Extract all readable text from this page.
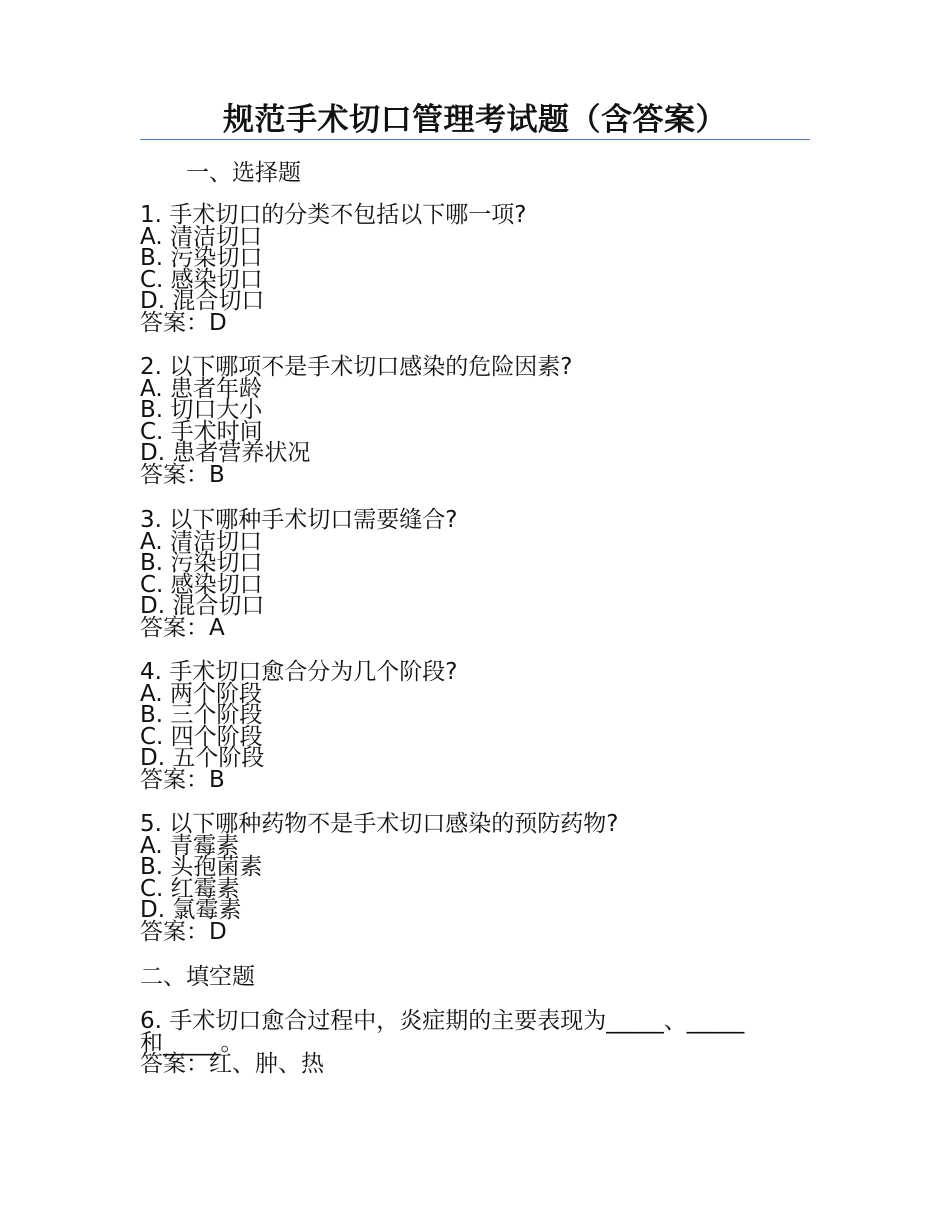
规范手术切口管理考试题（含答案）
一、选择题
1. 手术切口的分类不包括以下哪一项?
A. 清洁切口
B. 污染切口
C. 感染切口
D. 混合切口
答案：D
2. 以下哪项不是手术切口感染的危险因素?
A. 患者年龄
B. 切口大小
C. 手术时间
D. 患者营养状况
答案：B
3. 以下哪种手术切口需要缝合?
A. 清洁切口
B. 污染切口
C. 感染切口
D. 混合切口
答案：A
4. 手术切口愈合分为几个阶段?
A. 两个阶段
B. 三个阶段
C. 四个阶段
D. 五个阶段
答案：B
5. 以下哪种药物不是手术切口感染的预防药物?
A. 青霉素
B. 头孢菌素
C. 红霉素
D. 氯霉素
答案：D
二、填空题
6. 手术切口愈合过程中，炎症期的主要表现为_____、_____
和_____。
答案：红、肿、热
